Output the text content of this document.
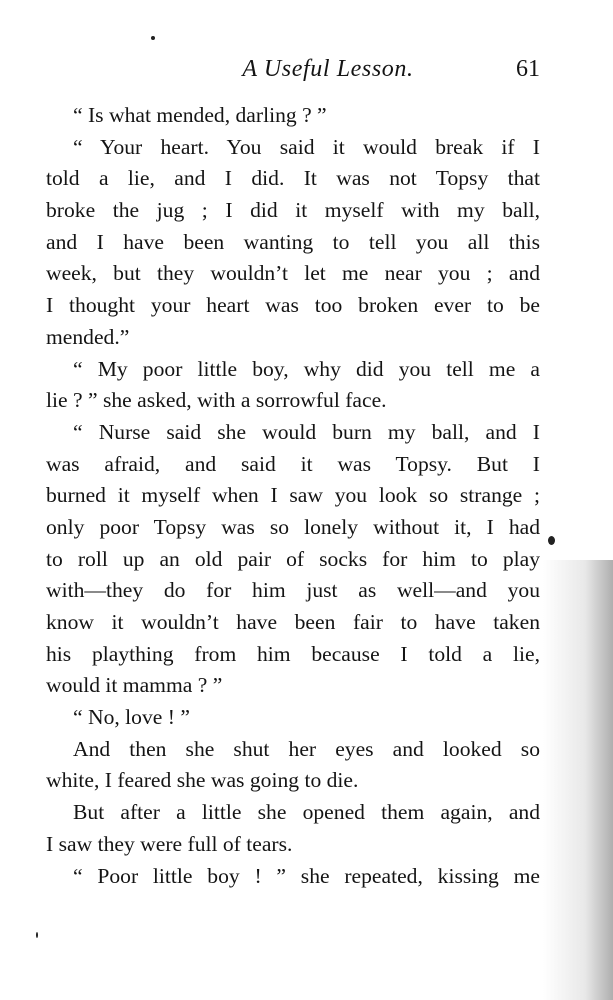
A Useful Lesson.	61
“ Is what mended, darling ? ”
“ Your heart. You said it would break if I
told a lie, and I did. It was not Topsy that
broke the jug ; I did it myself with my ball,
and I have been wanting to tell you all this
week, but they wouldn’t let me near you ; and
I thought your heart was too broken ever to be
mended.”
“ My poor little boy, why did you tell me a
lie ? ” she asked, with a sorrowful face.
“ Nurse said she would burn my ball, and I
was afraid, and said it was Topsy. But I
burned it myself when I saw you look so strange ;
only poor Topsy was so lonely without it, I had
to roll up an old pair of socks for him to play
with—they do for him just as well—and you
know it wouldn’t have been fair to have taken
his plaything from him because I told a lie,
would it mamma ? ”
“ No, love ! ”
And then she shut her eyes and looked so
white, I feared she was going to die.
But after a little she opened them again, and
I saw they were full of tears.
“ Poor little boy ! ” she repeated, kissing me
